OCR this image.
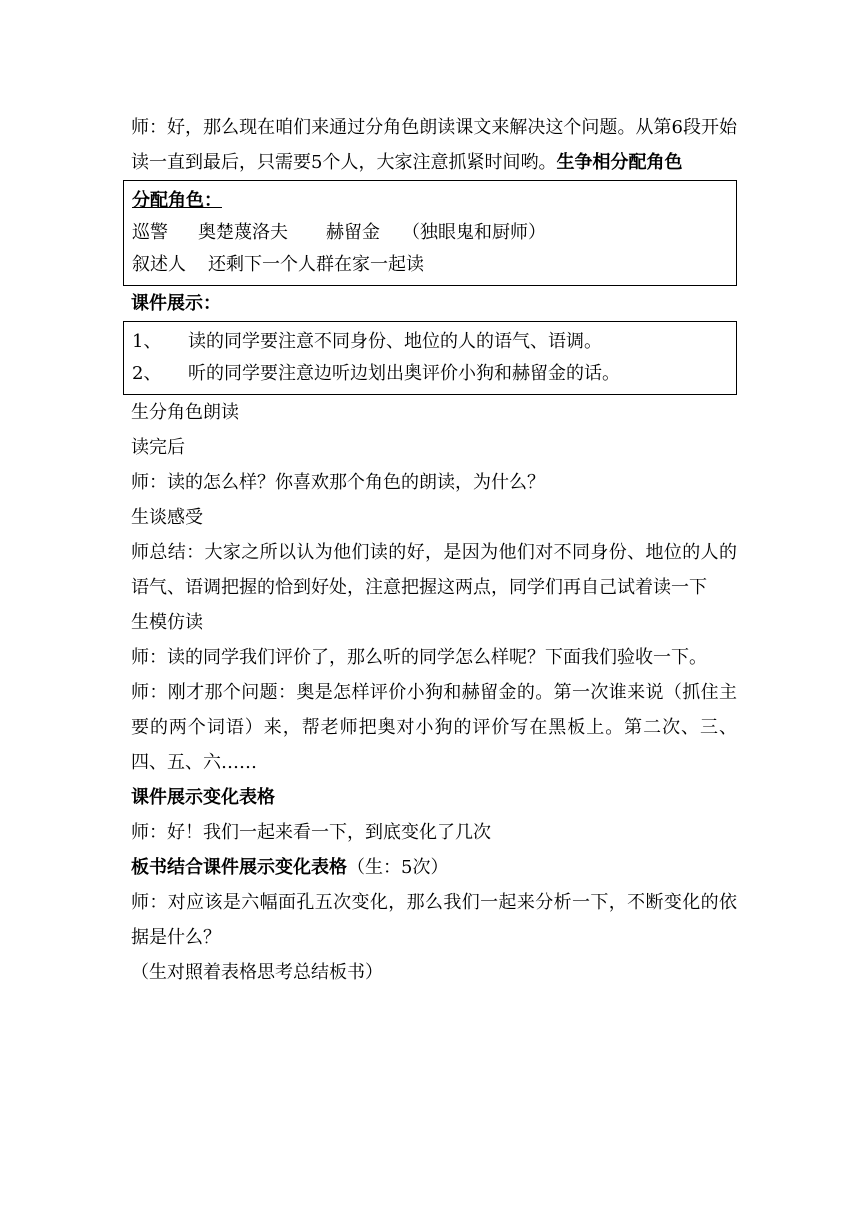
师：好，那么现在咱们来通过分角色朗读课文来解决这个问题。从第6段开始读一直到最后，只需要5个人，大家注意抓紧时间哟。生争相分配角色
分配角色：
巡警 奥楚蔑洛夫 赫留金 （独眼鬼和厨师）
叙述人 还剩下一个人群在家一起读
课件展示：
1、 读的同学要注意不同身份、地位的人的语气、语调。
2、 听的同学要注意边听边划出奥评价小狗和赫留金的话。
生分角色朗读
读完后
师：读的怎么样？你喜欢那个角色的朗读，为什么？
生谈感受
师总结：大家之所以认为他们读的好，是因为他们对不同身份、地位的人的语气、语调把握的恰到好处，注意把握这两点，同学们再自己试着读一下
生模仿读
师：读的同学我们评价了，那么听的同学怎么样呢？下面我们验收一下。
师：刚才那个问题：奥是怎样评价小狗和赫留金的。第一次谁来说（抓住主要的两个词语）来，帮老师把奥对小狗的评价写在黑板上。第二次、三、四、五、六……
课件展示变化表格
师：好！我们一起来看一下，到底变化了几次
板书结合课件展示变化表格（生：5次）
师：对应该是六幅面孔五次变化，那么我们一起来分析一下，不断变化的依据是什么？
（生对照着表格思考总结板书）
